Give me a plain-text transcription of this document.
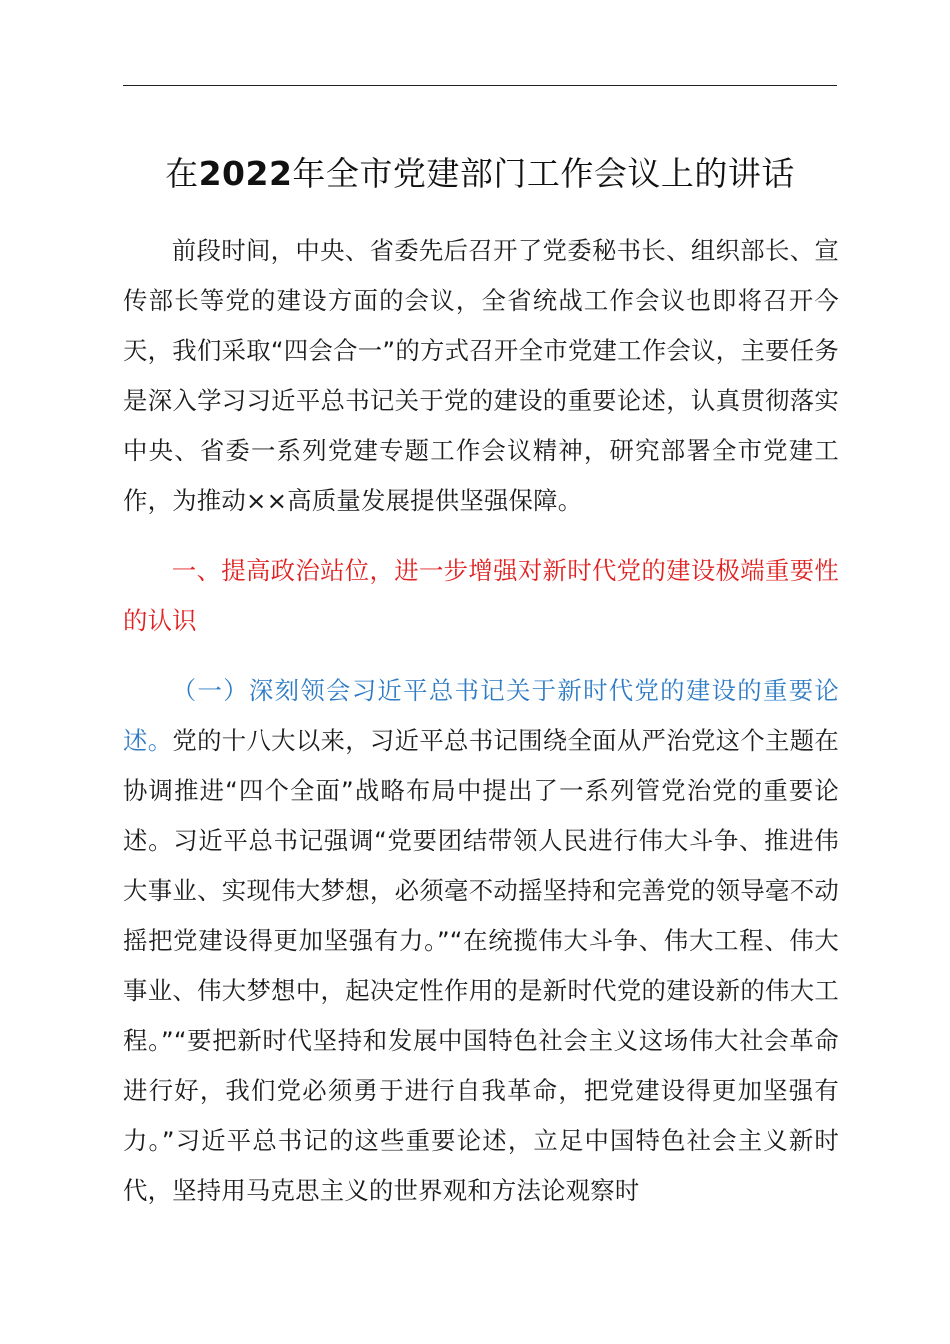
在2022年全市党建部门工作会议上的讲话

前段时间，中央、省委先后召开了党委秘书长、组织部长、宣传部长等党的建设方面的会议，全省统战工作会议也即将召开今天，我们采取“四会合一”的方式召开全市党建工作会议，主要任务是深入学习习近平总书记关于党的建设的重要论述，认真贯彻落实中央、省委一系列党建专题工作会议精神，研究部署全市党建工作，为推动××高质量发展提供坚强保障。

一、提高政治站位，进一步增强对新时代党的建设极端重要性的认识

（一）深刻领会习近平总书记关于新时代党的建设的重要论述。党的十八大以来，习近平总书记围绕全面从严治党这个主题在协调推进“四个全面”战略布局中提出了一系列管党治党的重要论述。习近平总书记强调“党要团结带领人民进行伟大斗争、推进伟大事业、实现伟大梦想，必须毫不动摇坚持和完善党的领导毫不动摇把党建设得更加坚强有力。”“在统揽伟大斗争、伟大工程、伟大事业、伟大梦想中，起决定性作用的是新时代党的建设新的伟大工程。”“要把新时代坚持和发展中国特色社会主义这场伟大社会革命进行好，我们党必须勇于进行自我革命，把党建设得更加坚强有力。”习近平总书记的这些重要论述，立足中国特色社会主义新时代，坚持用马克思主义的世界观和方法论观察时
